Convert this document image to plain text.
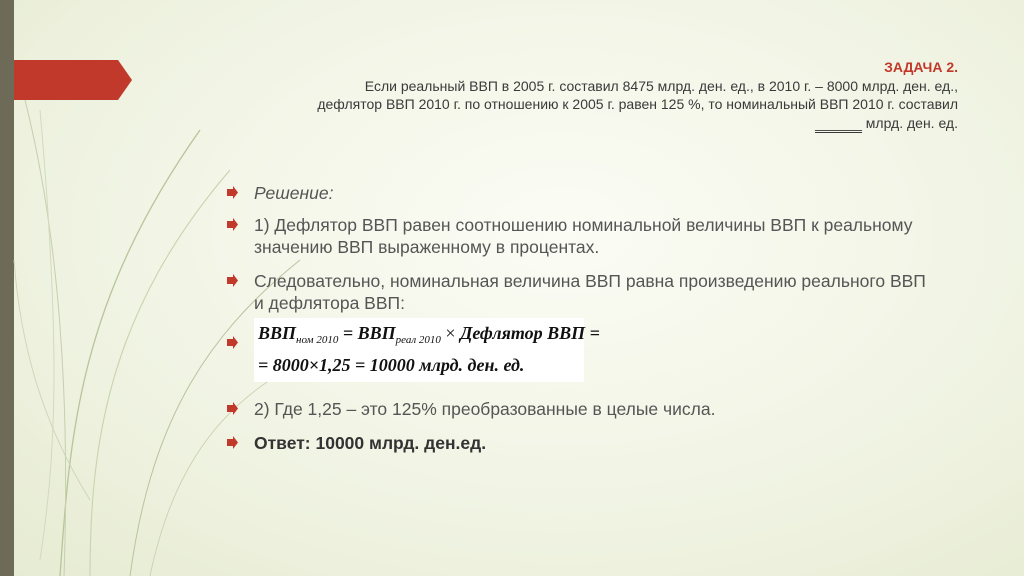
ЗАДАЧА 2.
Если реальный ВВП в 2005 г. составил 8475 млрд. ден. ед., в 2010 г. – 8000 млрд. ден. ед.,
дефлятор ВВП 2010 г. по отношению к 2005 г. равен 125 %, то номинальный ВВП 2010 г. составил
______ млрд. ден. ед.
Решение:
1) Дефлятор ВВП равен соотношению номинальной величины ВВП к реальному значению ВВП выраженному в процентах.
Следовательно, номинальная величина ВВП равна произведению реального ВВП и дефлятора ВВП:
$ВВП_{ном 2010} = ВВП_{реал 2010}$ × Дефлятор ВВП =
= 8000×1,25 = 10000 млрд. ден. ед.
2) Где 1,25 – это 125% преобразованные в целые числа.
Ответ: 10000 млрд. ден.ед.
